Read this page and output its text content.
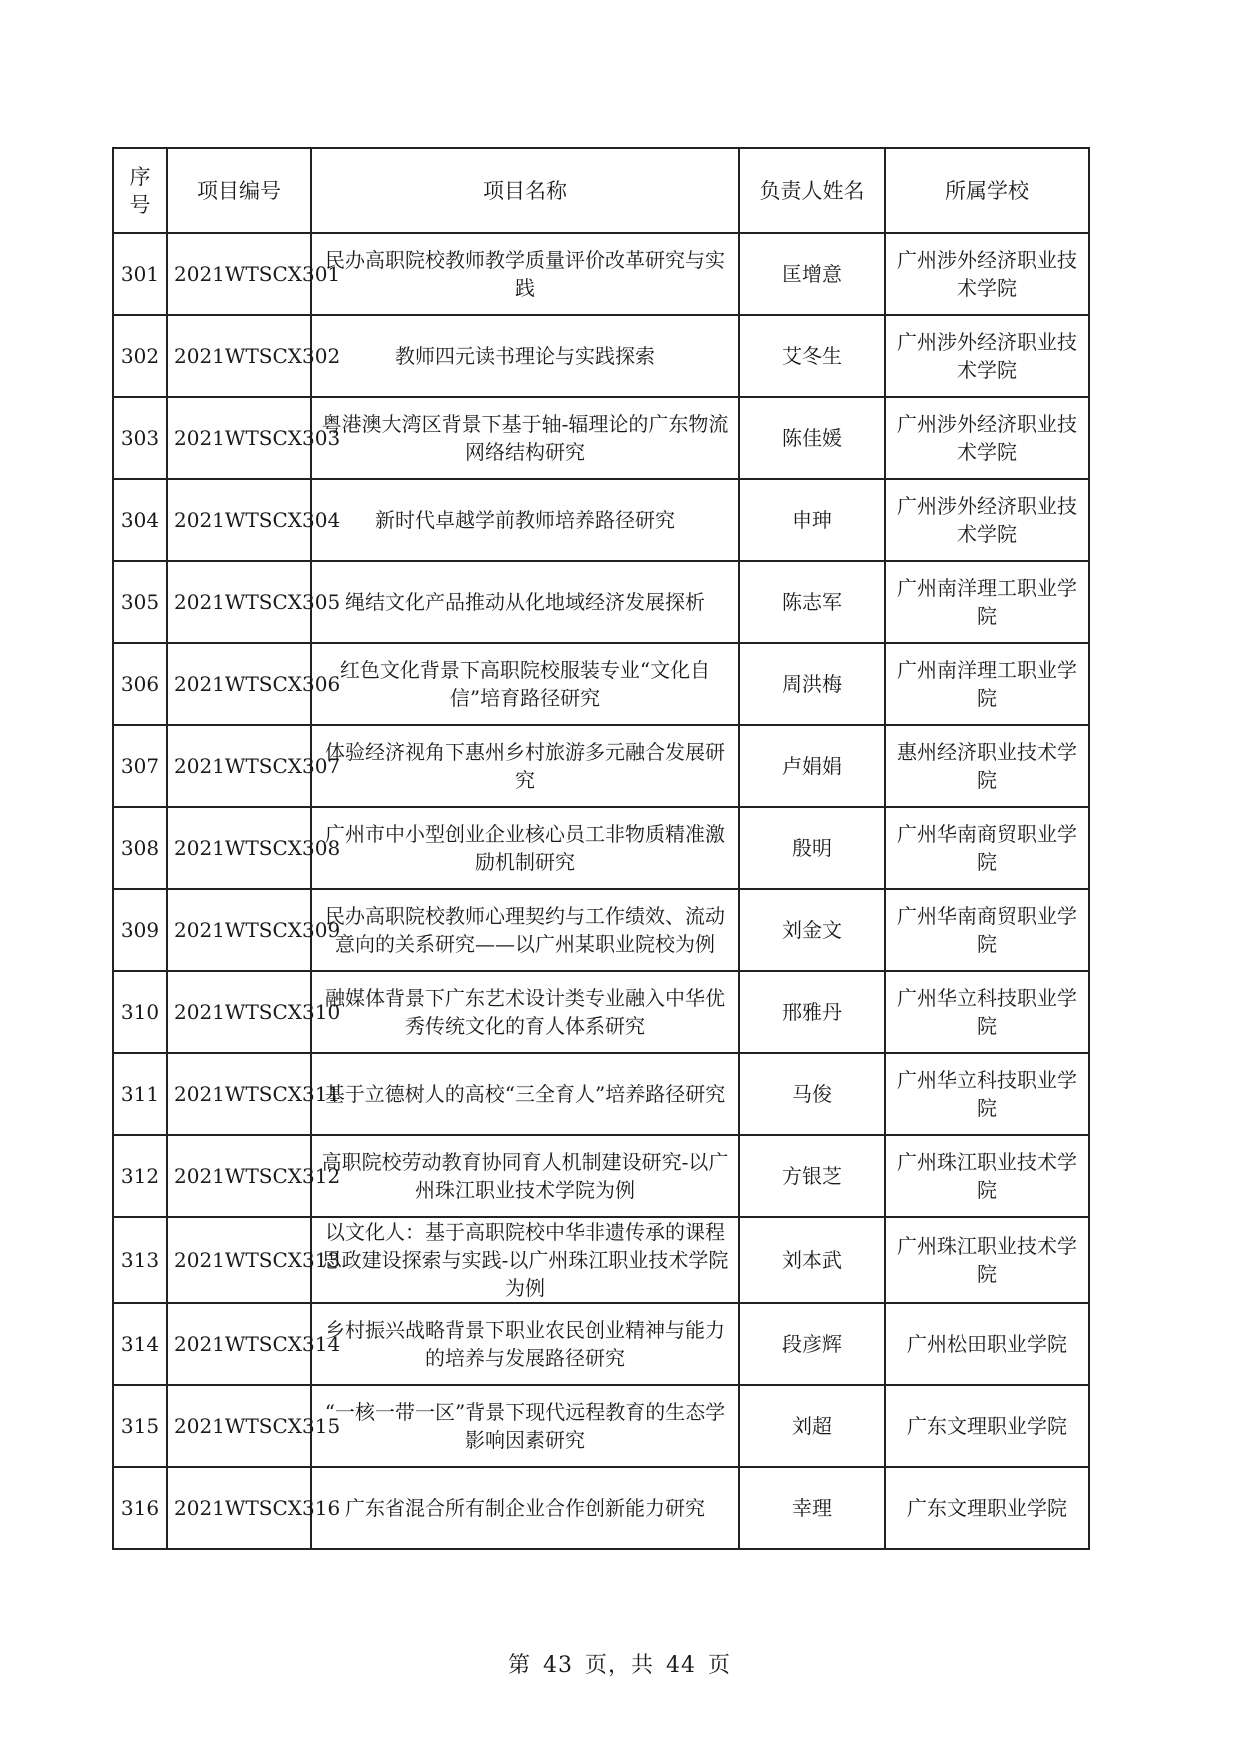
序号	项目编号	项目名称	负责人姓名	所属学校
301	2021WTSCX301	民办高职院校教师教学质量评价改革研究与实践	匡增意	广州涉外经济职业技术学院
302	2021WTSCX302	教师四元读书理论与实践探索	艾冬生	广州涉外经济职业技术学院
303	2021WTSCX303	粤港澳大湾区背景下基于轴-辐理论的广东物流网络结构研究	陈佳媛	广州涉外经济职业技术学院
304	2021WTSCX304	新时代卓越学前教师培养路径研究	申珅	广州涉外经济职业技术学院
305	2021WTSCX305	绳结文化产品推动从化地域经济发展探析	陈志军	广州南洋理工职业学院
306	2021WTSCX306	红色文化背景下高职院校服装专业“文化自信”培育路径研究	周洪梅	广州南洋理工职业学院
307	2021WTSCX307	体验经济视角下惠州乡村旅游多元融合发展研究	卢娟娟	惠州经济职业技术学院
308	2021WTSCX308	广州市中小型创业企业核心员工非物质精准激励机制研究	殷明	广州华南商贸职业学院
309	2021WTSCX309	民办高职院校教师心理契约与工作绩效、流动意向的关系研究——以广州某职业院校为例	刘金文	广州华南商贸职业学院
310	2021WTSCX310	融媒体背景下广东艺术设计类专业融入中华优秀传统文化的育人体系研究	邢雅丹	广州华立科技职业学院
311	2021WTSCX311	基于立德树人的高校“三全育人”培养路径研究	马俊	广州华立科技职业学院
312	2021WTSCX312	高职院校劳动教育协同育人机制建设研究-以广州珠江职业技术学院为例	方银芝	广州珠江职业技术学院
313	2021WTSCX313	以文化人：基于高职院校中华非遗传承的课程思政建设探索与实践-以广州珠江职业技术学院为例	刘本武	广州珠江职业技术学院
314	2021WTSCX314	乡村振兴战略背景下职业农民创业精神与能力的培养与发展路径研究	段彦辉	广州松田职业学院
315	2021WTSCX315	“一核一带一区”背景下现代远程教育的生态学影响因素研究	刘超	广东文理职业学院
316	2021WTSCX316	广东省混合所有制企业合作创新能力研究	幸理	广东文理职业学院
第 43 页，共 44 页
